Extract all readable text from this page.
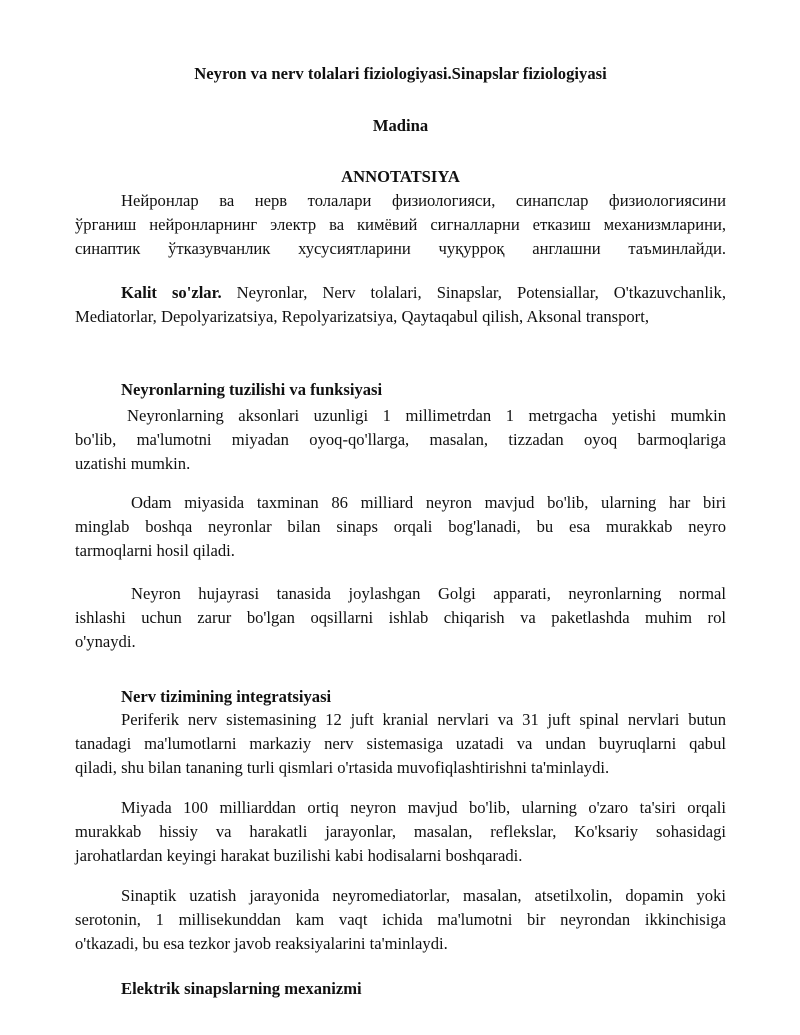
Neyron va nerv tolalari fiziologiyasi.Sinapslar fiziologiyasi
Madina
ANNOTATSIYA
Нейронлар ва нерв толалари физиологияси, синапслар физиологиясини
ўрганиш нейронларнинг электр ва кимёвий сигналларни етказиш механизмларини,
синаптик ўтказувчанлик хусусиятларини чуқурроқ англашни таъминлайди.
Kalit so'zlar. Neyronlar, Nerv tolalari, Sinapslar, Potensiallar, O'tkazuvchanlik,
Mediatorlar, Depolyarizatsiya, Repolyarizatsiya, Qaytaqabul qilish, Aksonal transport,
Neyronlarning tuzilishi va funksiyasi
Neyronlarning aksonlari uzunligi 1 millimetrdan 1 metrgacha yetishi mumkin
bo'lib, ma'lumotni miyadan oyoq-qo'llarga, masalan, tizzadan oyoq barmoqlariga
uzatishi mumkin.
Odam miyasida taxminan 86 milliard neyron mavjud bo'lib, ularning har biri
minglab boshqa neyronlar bilan sinaps orqali bog'lanadi, bu esa murakkab neyro
tarmoqlarni hosil qiladi.
Neyron hujayrasi tanasida joylashgan Golgi apparati, neyronlarning normal
ishlashi uchun zarur bo'lgan oqsillarni ishlab chiqarish va paketlashda muhim rol
o'ynaydi.
Nerv tizimining integratsiyasi
Periferik nerv sistemasining 12 juft kranial nervlari va 31 juft spinal nervlari butun
tanadagi ma'lumotlarni markaziy nerv sistemasiga uzatadi va undan buyruqlarni qabul
qiladi, shu bilan tananing turli qismlari o'rtasida muvofiqlashtirishni ta'minlaydi.
Miyada 100 milliarddan ortiq neyron mavjud bo'lib, ularning o'zaro ta'siri orqali
murakkab hissiy va harakatli jarayonlar, masalan, reflekslar, Ko'ksariy sohasidagi
jarohatlardan keyingi harakat buzilishi kabi hodisalarni boshqaradi.
Sinaptik uzatish jarayonida neyromediatorlar, masalan, atsetilxolin, dopamin yoki
serotonin, 1 millisekunddan kam vaqt ichida ma'lumotni bir neyrondan ikkinchisiga
o'tkazadi, bu esa tezkor javob reaksiyalarini ta'minlaydi.
Elektrik sinapslarning mexanizmi
